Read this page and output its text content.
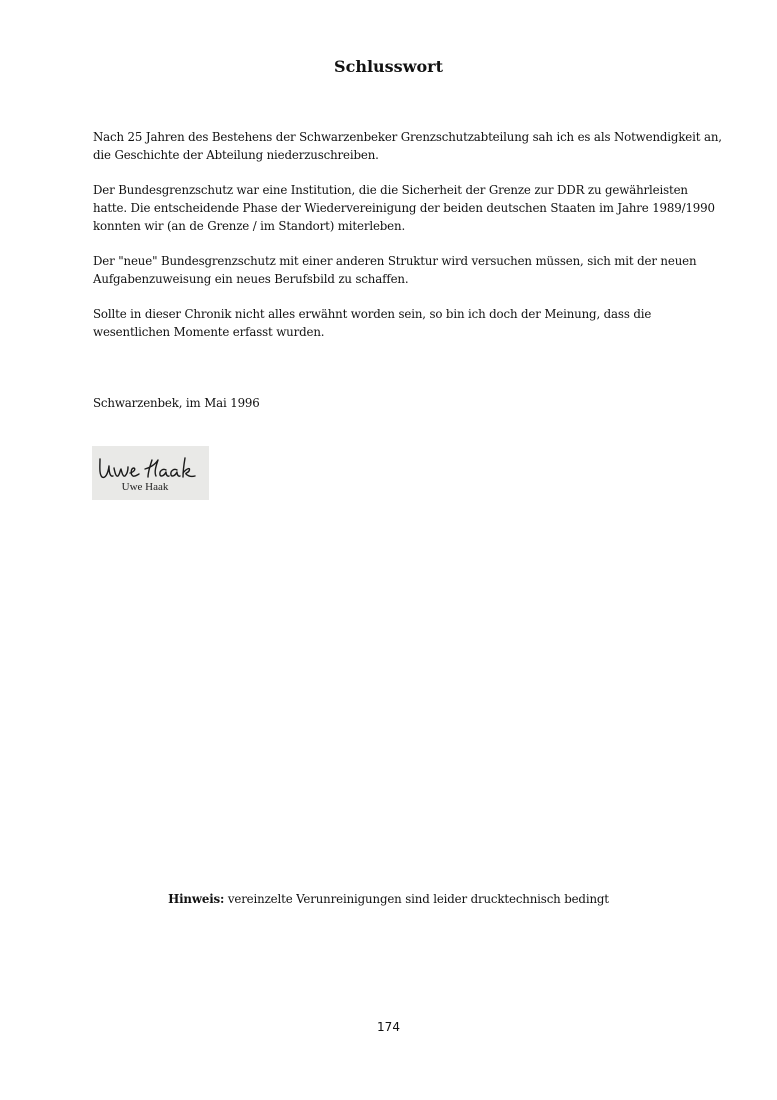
Schlusswort
Nach 25 Jahren des Bestehens der Schwarzenbeker Grenzschutzabteilung sah ich es als Notwendigkeit an,
die Geschichte der Abteilung niederzuschreiben.
Der Bundesgrenzschutz war eine Institution, die die Sicherheit der Grenze zur DDR zu gewährleisten
hatte. Die entscheidende Phase der Wiedervereinigung der beiden deutschen Staaten im Jahre 1989/1990
konnten wir (an de Grenze / im Standort) miterleben.
Der "neue" Bundesgrenzschutz mit einer anderen Struktur wird versuchen müssen, sich mit der neuen
Aufgabenzuweisung ein neues Berufsbild zu schaffen.
Sollte in dieser Chronik nicht alles erwähnt worden sein, so bin ich doch der Meinung, dass die
wesentlichen Momente erfasst wurden.
Schwarzenbek, im Mai 1996
Uwe Haak
Hinweis: vereinzelte Verunreinigungen sind leider drucktechnisch bedingt
174
